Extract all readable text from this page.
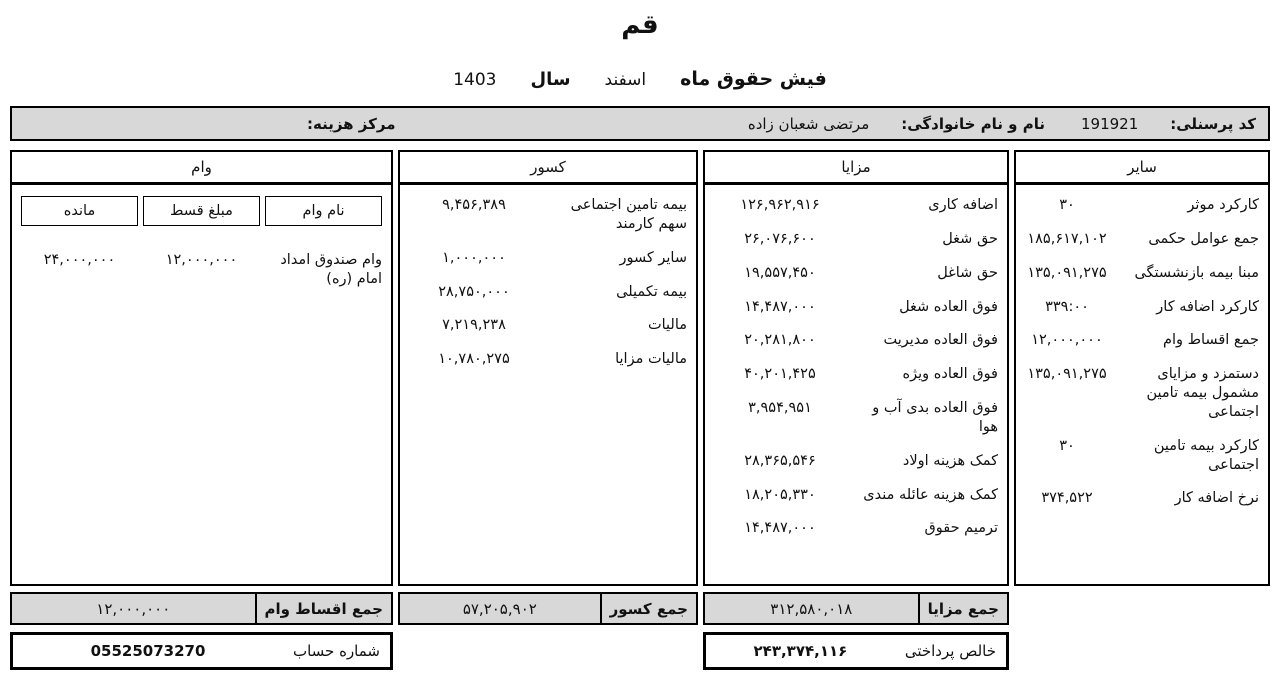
قم
فیش حقوق ماه
اسفند
سال
1403
کد پرسنلی:
191921
نام و نام خانوادگی:
مرتضی شعبان زاده
مرکز هزینه:
سایر
کارکرد موثر
۳۰
جمع عوامل حکمی
۱۸۵,۶۱۷,۱۰۲
مبنا بیمه بازنشستگی
۱۳۵,۰۹۱,۲۷۵
کارکرد اضافه کار
۳۳۹:۰۰
جمع اقساط وام
۱۲,۰۰۰,۰۰۰
دستمزد و مزایای مشمول بیمه تامین اجتماعی
۱۳۵,۰۹۱,۲۷۵
کارکرد بیمه تامین اجتماعی
۳۰
نرخ اضافه کار
۳۷۴,۵۲۲
مزایا
اضافه کاری
۱۲۶,۹۶۲,۹۱۶
حق شغل
۲۶,۰۷۶,۶۰۰
حق شاغل
۱۹,۵۵۷,۴۵۰
فوق العاده شغل
۱۴,۴۸۷,۰۰۰
فوق العاده مدیریت
۲۰,۲۸۱,۸۰۰
فوق العاده ویژه
۴۰,۲۰۱,۴۲۵
فوق العاده بدی آب و هوا
۳,۹۵۴,۹۵۱
کمک هزینه اولاد
۲۸,۳۶۵,۵۴۶
کمک هزینه عائله مندی
۱۸,۲۰۵,۳۳۰
ترمیم حقوق
۱۴,۴۸۷,۰۰۰
کسور
بیمه تامین اجتماعی سهم کارمند
۹,۴۵۶,۳۸۹
سایر کسور
۱,۰۰۰,۰۰۰
بیمه تکمیلی
۲۸,۷۵۰,۰۰۰
مالیات
۷,۲۱۹,۲۳۸
مالیات مزایا
۱۰,۷۸۰,۲۷۵
وام
نام وام
مبلغ قسط
مانده
وام صندوق امداد امام (ره)
۱۲,۰۰۰,۰۰۰
۲۴,۰۰۰,۰۰۰
جمع مزایا
۳۱۲,۵۸۰,۰۱۸
جمع کسور
۵۷,۲۰۵,۹۰۲
جمع اقساط وام
۱۲,۰۰۰,۰۰۰
خالص پرداختی
۲۴۳,۳۷۴,۱۱۶
شماره حساب
05525073270
